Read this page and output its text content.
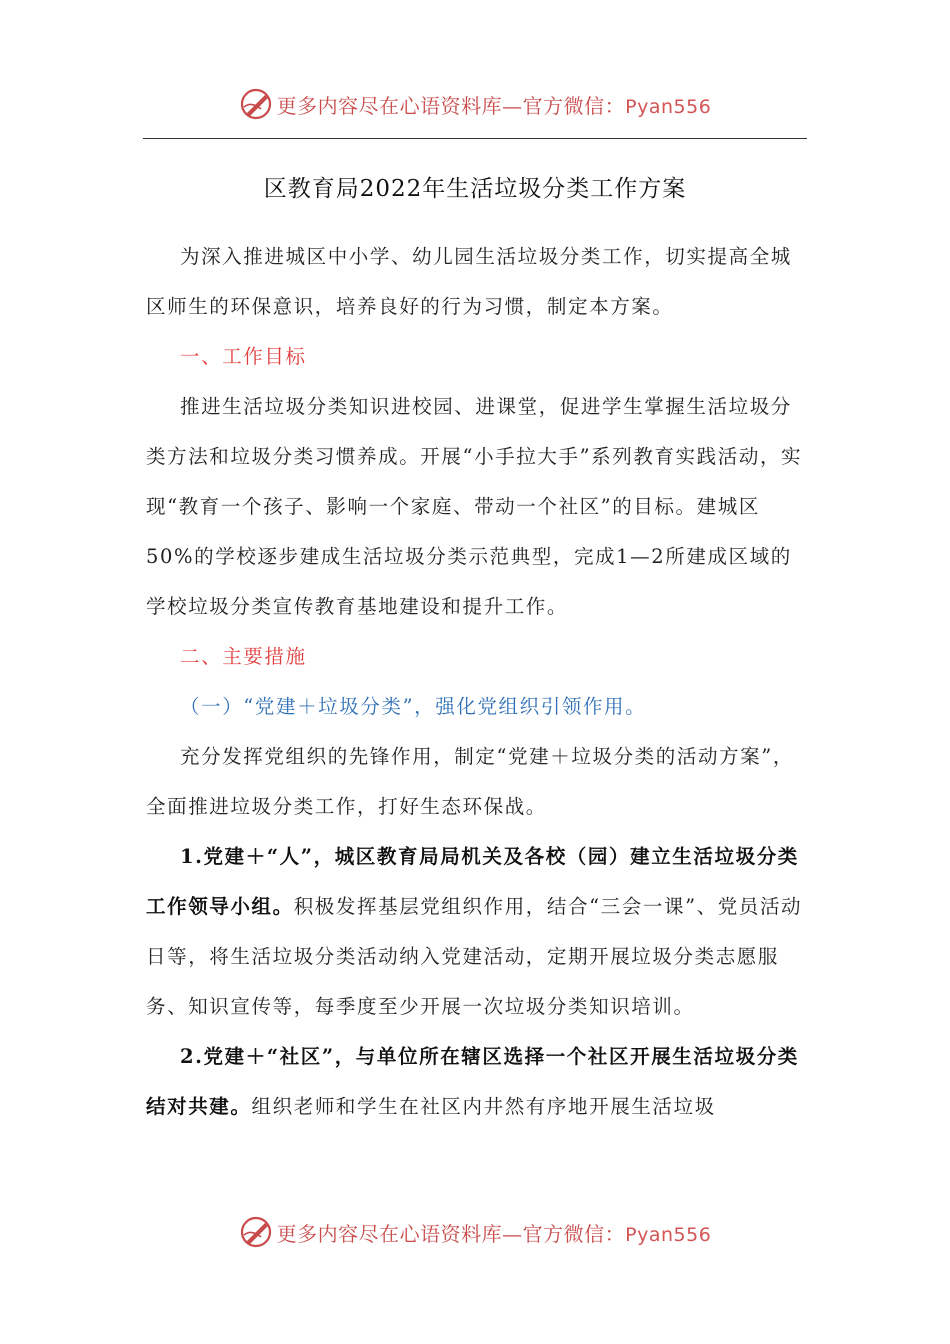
更多内容尽在心语资料库—官方微信：Pyan556
区教育局2022年生活垃圾分类工作方案

为深入推进城区中小学、幼儿园生活垃圾分类工作，切实提高全城区师生的环保意识，培养良好的行为习惯，制定本方案。

一、工作目标

推进生活垃圾分类知识进校园、进课堂，促进学生掌握生活垃圾分类方法和垃圾分类习惯养成。开展“小手拉大手”系列教育实践活动，实现“教育一个孩子、影响一个家庭、带动一个社区”的目标。建城区50%的学校逐步建成生活垃圾分类示范典型，完成1—2所建成区域的学校垃圾分类宣传教育基地建设和提升工作。

二、主要措施

（一）“党建＋垃圾分类”，强化党组织引领作用。

充分发挥党组织的先锋作用，制定“党建＋垃圾分类的活动方案”，全面推进垃圾分类工作，打好生态环保战。

1.党建＋“人”，城区教育局局机关及各校（园）建立生活垃圾分类工作领导小组。积极发挥基层党组织作用，结合“三会一课”、党员活动日等，将生活垃圾分类活动纳入党建活动，定期开展垃圾分类志愿服务、知识宣传等，每季度至少开展一次垃圾分类知识培训。

2.党建＋“社区”，与单位所在辖区选择一个社区开展生活垃圾分类结对共建。组织老师和学生在社区内井然有序地开展生活垃圾

更多内容尽在心语资料库—官方微信：Pyan556
